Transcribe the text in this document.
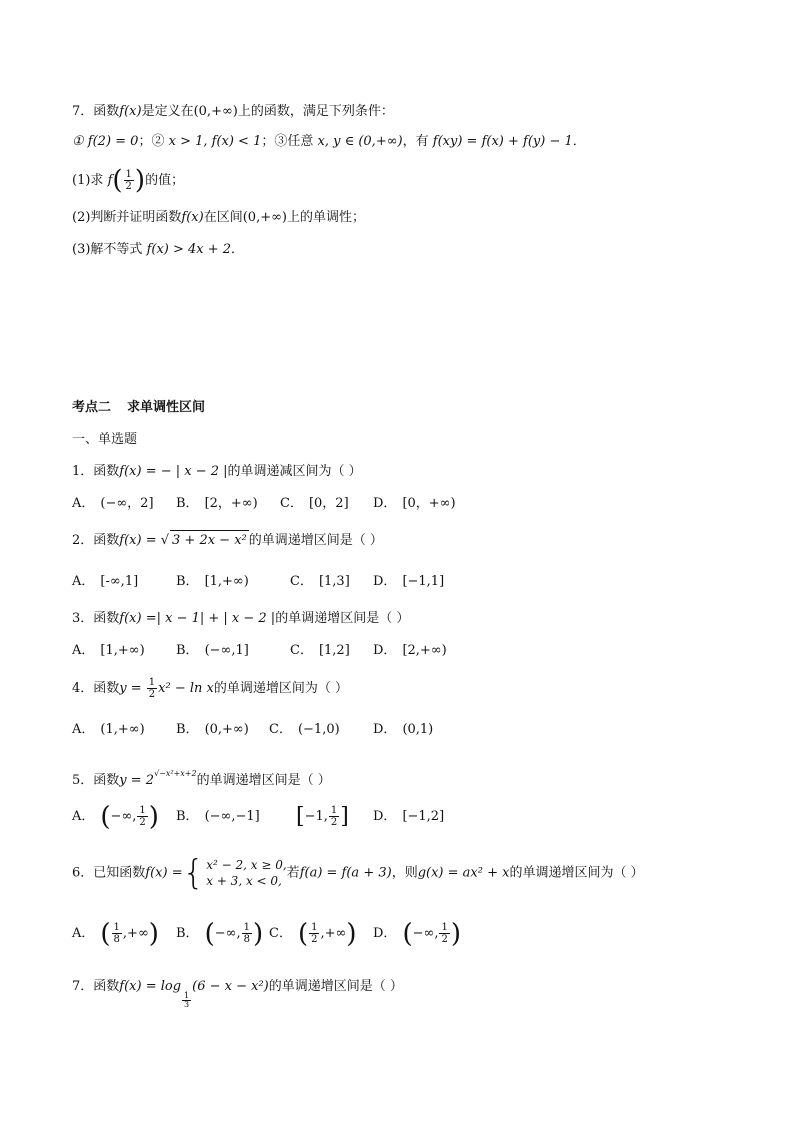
7．函数f(x)是定义在(0,+∞)上的函数，满足下列条件：
① f(2) = 0；② x > 1, f(x) < 1；③任意 x, y ∈ (0,+∞)，有 f(xy) = f(x) + f(y) − 1．
(1)求 $f( \frac{1}{2}$ )的值；
(2)判断并证明函数f(x)在区间(0,+∞)上的单调性；
(3)解不等式 f(x) > 4x + 2．
考点二 求单调性区间
一、单选题
1．函数f(x) = − | x − 2 |的单调递减区间为（ ）
A． (−∞，2] B． [2，+∞) C． [0，2] D． [0，+∞)
2．函数f(x) = √ 3 + 2x − x² 的单调递增区间是（ ）
A． [-∞,1]	B． [1,+∞)	C． [1,3] D． [−1,1]
3．函数f(x) =| x − 1| + | x − 2 |的单调递增区间是（ ）
A． [1,+∞) B． (−∞,1]	C． [1,2] D． [2,+∞)
4．函数$y = \frac{1}{2} x^2 - \ln x$的单调递增区间为（ ）
A． (1,+∞) B． (0,+∞) C． (−1,0)	D． (0,1)
5．函数$y = 2^{√-x^2+x+2}$的单调递增区间是（ ）
A． ( −∞, $\frac{1}{2}$ ) B． (−∞,−1] [ −1, $\frac{1}{2}$ ] D． [−1,2]
6．已知函数f(x) = { x² − 2, x ≥ 0,
x + 3, x < 0,
若f(a) = f(a + 3)，则g(x) = ax² + x的单调递增区间为（ ）
A． ( $\frac{1}{8}$ ,+∞ ) B． ( −∞, $\frac{1}{8}$ ) C． ( $\frac{1}{2}$ ,+∞ ) D． ( −∞, $\frac{1}{2}$ )
7．函数f(x) = log
$\frac{1}{3}$
(6 − x − x²)的单调递增区间是（ ）
